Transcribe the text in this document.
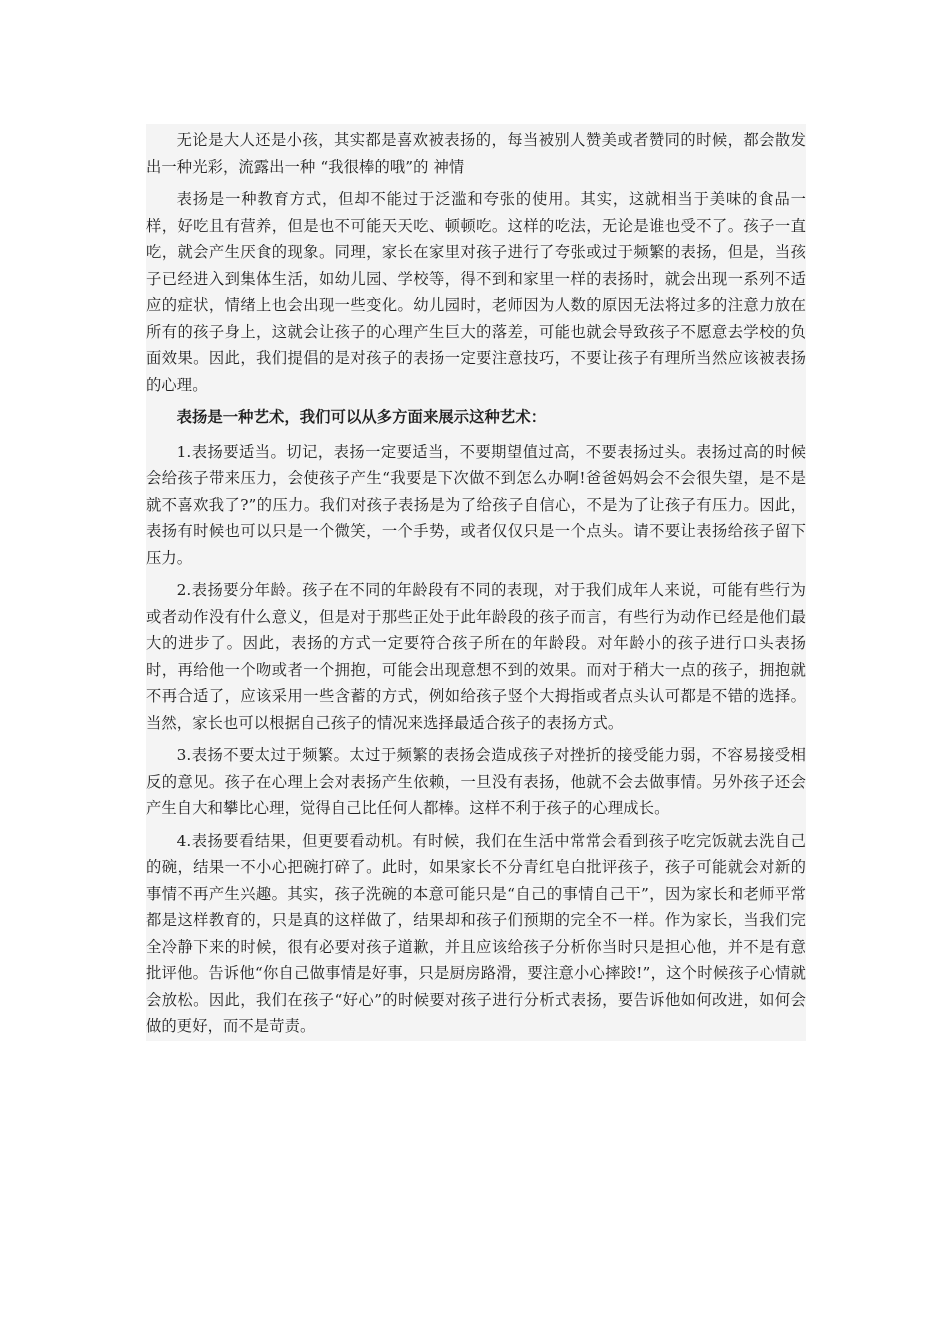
无论是大人还是小孩，其实都是喜欢被表扬的，每当被别人赞美或者赞同的时候，都会散发出一种光彩，流露出一种 “我很棒的哦”的 神情

表扬是一种教育方式，但却不能过于泛滥和夸张的使用。其实，这就相当于美味的食品一样，好吃且有营养，但是也不可能天天吃、顿顿吃。这样的吃法，无论是谁也受不了。孩子一直吃，就会产生厌食的现象。同理，家长在家里对孩子进行了夸张或过于频繁的表扬，但是，当孩子已经进入到集体生活，如幼儿园、学校等，得不到和家里一样的表扬时，就会出现一系列不适应的症状，情绪上也会出现一些变化。幼儿园时，老师因为人数的原因无法将过多的注意力放在所有的孩子身上，这就会让孩子的心理产生巨大的落差，可能也就会导致孩子不愿意去学校的负面效果。因此，我们提倡的是对孩子的表扬一定要注意技巧，不要让孩子有理所当然应该被表扬的心理。

表扬是一种艺术，我们可以从多方面来展示这种艺术：

1.表扬要适当。切记，表扬一定要适当，不要期望值过高，不要表扬过头。表扬过高的时候会给孩子带来压力，会使孩子产生“我要是下次做不到怎么办啊!爸爸妈妈会不会很失望，是不是就不喜欢我了?”的压力。我们对孩子表扬是为了给孩子自信心，不是为了让孩子有压力。因此，表扬有时候也可以只是一个微笑，一个手势，或者仅仅只是一个点头。请不要让表扬给孩子留下压力。

2.表扬要分年龄。孩子在不同的年龄段有不同的表现，对于我们成年人来说，可能有些行为或者动作没有什么意义，但是对于那些正处于此年龄段的孩子而言，有些行为动作已经是他们最大的进步了。因此，表扬的方式一定要符合孩子所在的年龄段。对年龄小的孩子进行口头表扬时，再给他一个吻或者一个拥抱，可能会出现意想不到的效果。而对于稍大一点的孩子，拥抱就不再合适了，应该采用一些含蓄的方式，例如给孩子竖个大拇指或者点头认可都是不错的选择。当然，家长也可以根据自己孩子的情况来选择最适合孩子的表扬方式。

3.表扬不要太过于频繁。太过于频繁的表扬会造成孩子对挫折的接受能力弱，不容易接受相反的意见。孩子在心理上会对表扬产生依赖，一旦没有表扬，他就不会去做事情。另外孩子还会产生自大和攀比心理，觉得自己比任何人都棒。这样不利于孩子的心理成长。

4.表扬要看结果，但更要看动机。有时候，我们在生活中常常会看到孩子吃完饭就去洗自己的碗，结果一不小心把碗打碎了。此时，如果家长不分青红皂白批评孩子，孩子可能就会对新的事情不再产生兴趣。其实，孩子洗碗的本意可能只是“自己的事情自己干”，因为家长和老师平常都是这样教育的，只是真的这样做了，结果却和孩子们预期的完全不一样。作为家长，当我们完全冷静下来的时候，很有必要对孩子道歉，并且应该给孩子分析你当时只是担心他，并不是有意批评他。告诉他“你自己做事情是好事，只是厨房路滑，要注意小心摔跤!”，这个时候孩子心情就会放松。因此，我们在孩子“好心”的时候要对孩子进行分析式表扬，要告诉他如何改进，如何会做的更好，而不是苛责。
